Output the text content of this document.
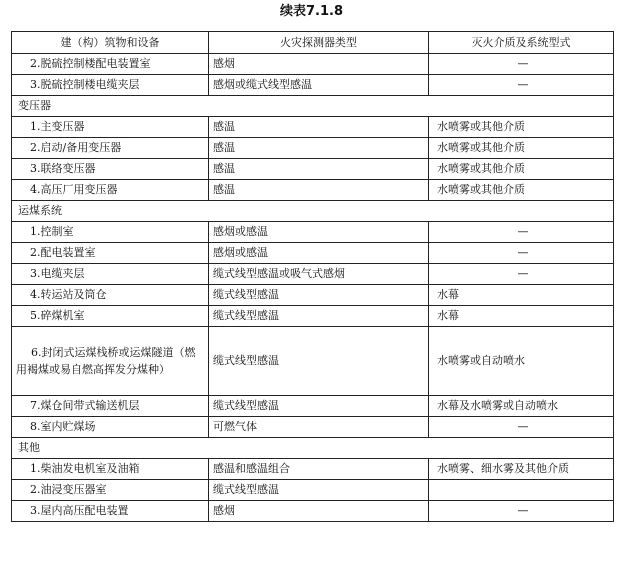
续表7.1.8
建（构）筑物和设备	火灾探测器类型	灭火介质及系统型式
2.脱硫控制楼配电装置室	感烟	—
3.脱硫控制楼电缆夹层	感烟或缆式线型感温	—
变压器		
1.主变压器	感温	水喷雾或其他介质
2.启动/备用变压器	感温	水喷雾或其他介质
3.联络变压器	感温	水喷雾或其他介质
4.高压厂用变压器	感温	水喷雾或其他介质
运煤系统		
1.控制室	感烟或感温	—
2.配电装置室	感烟或感温	—
3.电缆夹层	缆式线型感温或吸气式感烟	—
4.转运站及筒仓	缆式线型感温	水幕
5.碎煤机室	缆式线型感温	水幕
6.封闭式运煤栈桥或运煤隧道（燃用褐煤或易自燃高挥发分煤种）	缆式线型感温	水喷雾或自动喷水
7.煤仓间带式输送机层	缆式线型感温	水幕及水喷雾或自动喷水
8.室内贮煤场	可燃气体	—
其他		
1.柴油发电机室及油箱	感温和感温组合	水喷雾、细水雾及其他介质
2.油浸变压器室	缆式线型感温	
3.屋内高压配电装置	感烟	—
